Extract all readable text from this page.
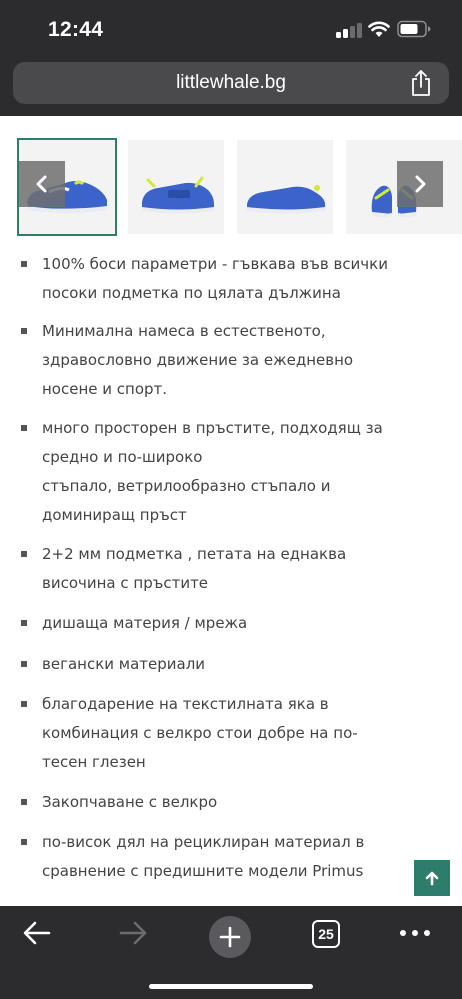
12:44
littlewhale.bg
100% боси параметри - гъвкава във всички
посоки подметка по цялата дължина
Минимална намеса в естественото,
здравословно движение за ежедневно
носене и спорт.
много просторен в пръстите, подходящ за
средно и по-широко
стъпало, ветрилообразно стъпало и
доминиращ пръст
2+2 мм подметка , петата на еднаква
височина с пръстите
дишаща материя / мрежа
вегански материали
благодарение на текстилната яка в
комбинация с велкро стои добре на по-
тесен глезен
Закопчаване с велкро
по-висок дял на рециклиран материал в
сравнение с предишните модели Primus
25
